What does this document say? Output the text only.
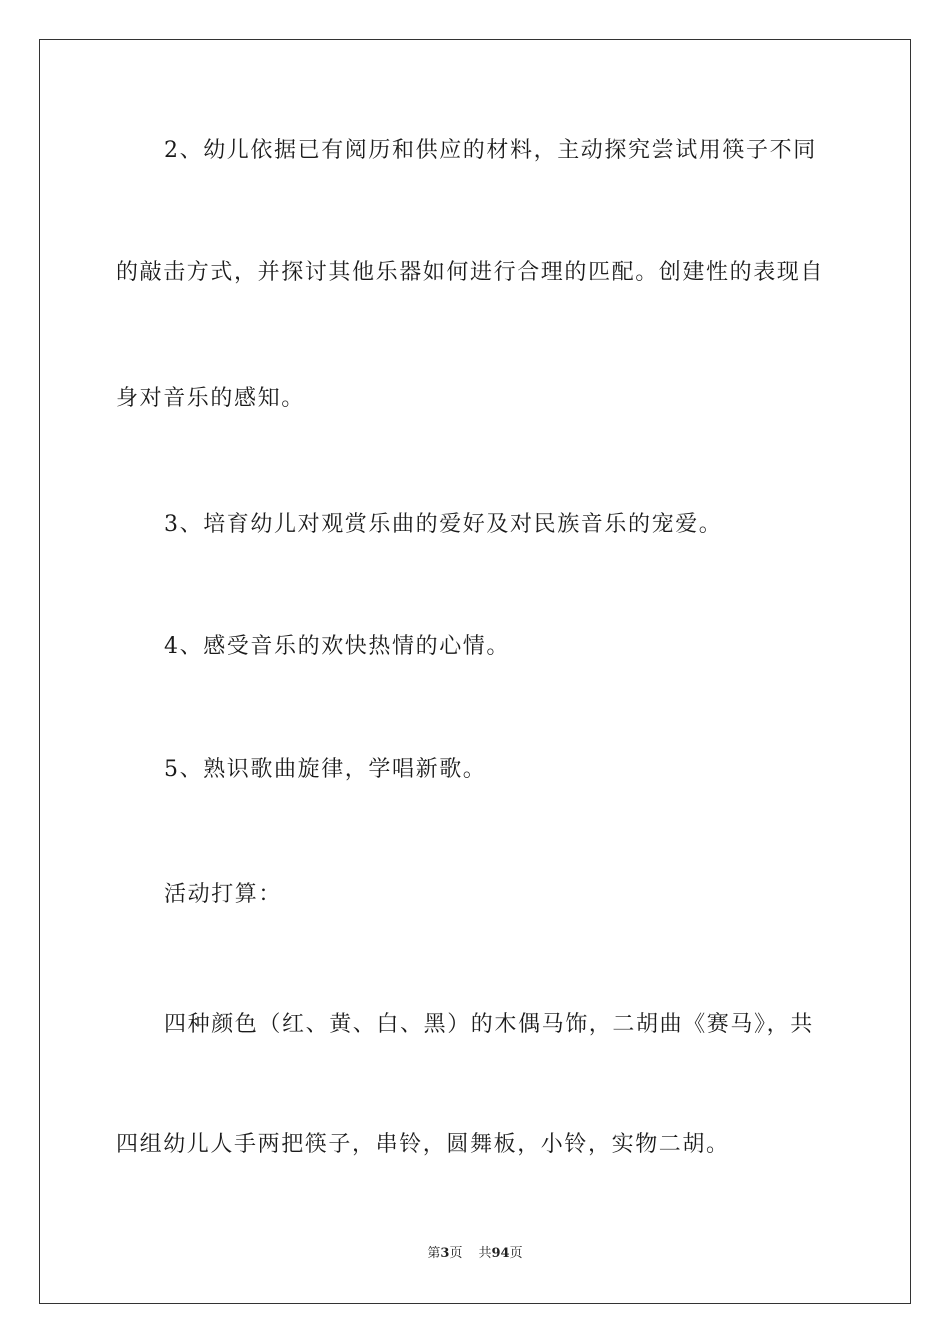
2、幼儿依据已有阅历和供应的材料，主动探究尝试用筷子不同
的敲击方式，并探讨其他乐器如何进行合理的匹配。创建性的表现自
身对音乐的感知。
3、培育幼儿对观赏乐曲的爱好及对民族音乐的宠爱。
4、感受音乐的欢快热情的心情。
5、熟识歌曲旋律，学唱新歌。
活动打算：
四种颜色（红、黄、白、黑）的木偶马饰，二胡曲《赛马》，共
四组幼儿人手两把筷子，串铃，圆舞板，小铃，实物二胡。
第3页 共94页
